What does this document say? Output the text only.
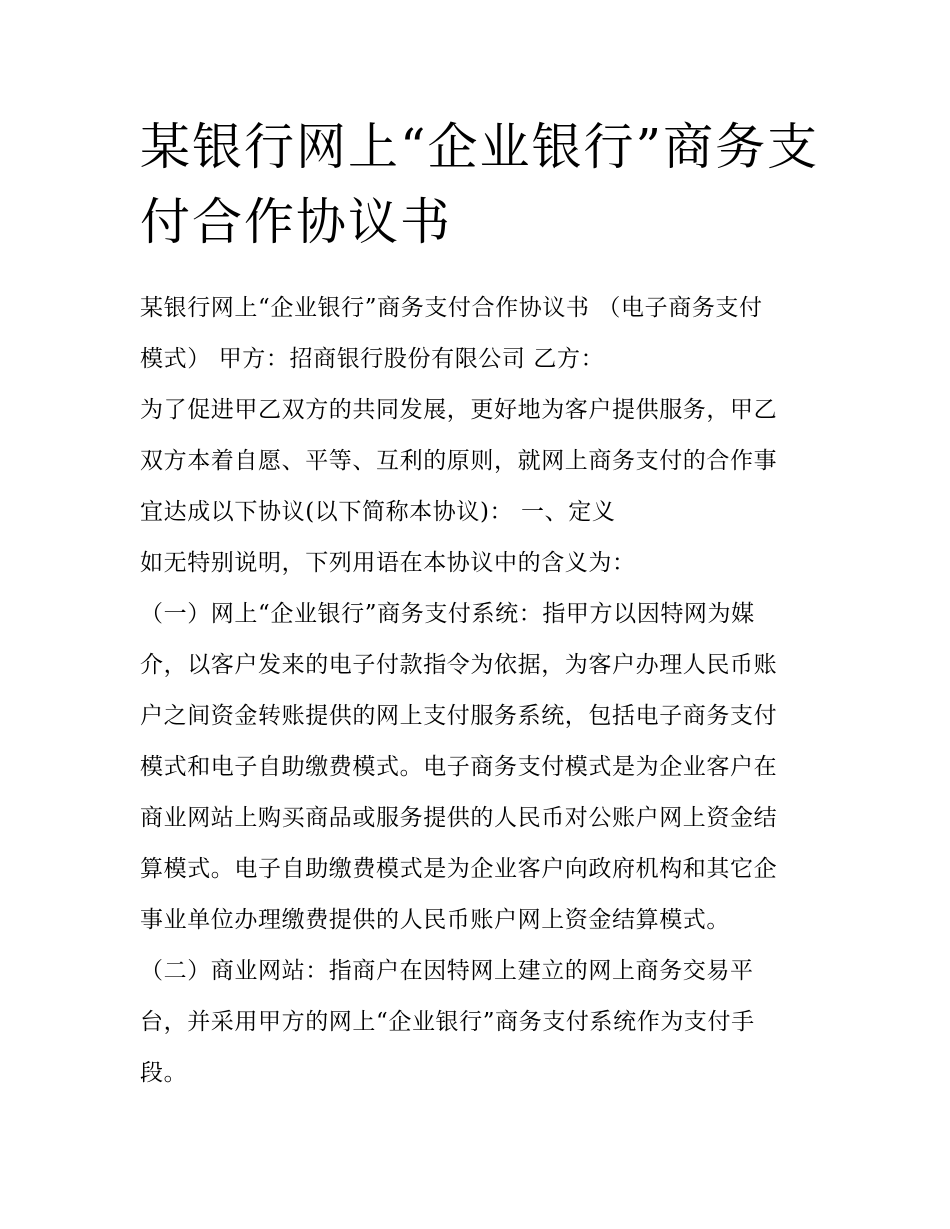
某银行网上“企业银行”商务支
付合作协议书

某银行网上“企业银行”商务支付合作协议书 （电子商务支付
模式） 甲方：招商银行股份有限公司 乙方：

为了促进甲乙双方的共同发展，更好地为客户提供服务，甲乙
双方本着自愿、平等、互利的原则，就网上商务支付的合作事
宜达成以下协议(以下简称本协议)： 一、定义

如无特别说明，下列用语在本协议中的含义为：

（一）网上“企业银行”商务支付系统：指甲方以因特网为媒
介，以客户发来的电子付款指令为依据，为客户办理人民币账
户之间资金转账提供的网上支付服务系统，包括电子商务支付
模式和电子自助缴费模式。电子商务支付模式是为企业客户在
商业网站上购买商品或服务提供的人民币对公账户网上资金结
算模式。电子自助缴费模式是为企业客户向政府机构和其它企
事业单位办理缴费提供的人民币账户网上资金结算模式。

（二）商业网站：指商户在因特网上建立的网上商务交易平
台，并采用甲方的网上“企业银行”商务支付系统作为支付手
段。
